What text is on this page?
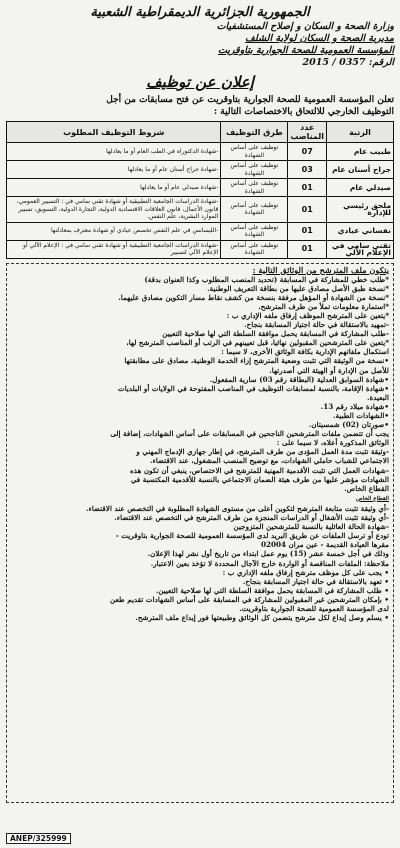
الجمهورية الجزائرية الديمقراطية الشعبية
وزارة الصحة و السكان و إصلاح المستشفيات
مديرية الصحة و السكان لولاية الشلف
المؤسسة العمومية للصحة الجوارية بتاوقريت
الرقم: 0357 / 2015
إعلان عن توظيف
تعلن المؤسسة العمومية للصحة الجوارية بتاوقريت عن فتح مسابقات من أجل
التوظيف الخارجي للالتحاق بالاختصاصات التالية :
الرتبة	عدد المناصب	طرق التوظيف	شروط التوظيف المطلوب
طبيب عام	07	توظيف على أساس الشهادة	-شهادة الدكتوراه في الطب العام أو ما يعادلها
جراح أسنان عام	03	توظيف على أساس الشهادة	-شهادة جراح أسنان عام أو ما يعادلها
صيدلي عام	01	توظيف على أساس الشهادة	-شهادة صيدلي عام أو ما يعادلها
ملحق رئيسي للإدارة	01	توظيف على أساس الشهادة	-شهادة الدراسات الجامعية التطبيقية أو شهادة تقني سامي في : التسيير العمومي، قانون الأعمال، قانون العلاقات الاقتصادية الدولية، التجارة الدولية، التسويق، تسيير الموارد البشرية، علم النفس.
نفساني عيادي	01	توظيف على أساس الشهادة	-الليسانس في علم النفس تخصص عيادي أو شهادة معترف بمعادلتها
تقني سامي في الإعلام الآلي	01	توظيف على أساس الشهادة	-شهادة الدراسات الجامعية التطبيقية أو شهادة تقني سامي في : الإعلام الآلي أو الإعلام الآلي لتسيير
يتكون ملف المترشح من الوثائق التالية :
*طلب خطي للمشاركة في المسابقة (تحديد المنصب المطلوب وكذا العنوان بدقة)
*نسخة طبق الأصل مصادق عليها من بطاقة التعريف الوطنية.
*نسخة من الشهادة أو المؤهل مرفقة بنسخة من كشف نقاط مسار التكوين مصادق عليهما.
*استمارة معلومات تملأ من طرف المترشح.
*يتعين على المترشح الموظف إرفاق ملفه الإداري ب :
-تمهيد بالاستقالة في حالة اجتياز المسابقة بنجاح.
-طلب المشاركة في المسابقة يحمل موافقة السلطة التي لها صلاحية التعيين
*يتعين على المترشحين المقبولين نهائيا، قبل تعيينهم في الرتب أو المناصب المترشح لها،
استكمال ملفاتهم الإدارية بكافة الوثائق الأخرى، لا سيما :
•نسخة من الوثيقة التي تثبت وضعية المترشح إزاء الخدمة الوطنية، مصادق على مطابقتها
للأصل من الإدارة أو الهيئة التي أصدرتها.
•شهادة السوابق العدلية (البطاقة رقم 03) سارية المفعول.
•شهادة الإقامة، بالنسبة لمسابقات التوظيف في المناصب المفتوحة في الولايات أو البلديات
البعيدة.
•شهادة ميلاد رقم 13.
•الشهادات الطبية.
•صورتان (02) شمسيتان.
يجب أن تتضمن ملفات المترشحين الناجحين في المسابقات على أساس الشهادات، إضافة إلى
الوثائق المذكورة أعلاه، لا سيما على :
-وثيقة تثبت مدة العمل المؤدى من طرف المترشح، في إطار جهازي الإدماج المهني و
الاجتماعي للشباب حاملي الشهادات، مع توضيح المنصب المشغول، عند الاقتضاء.
-شهادات العمل التي تثبت الأقدمية المهنية للمترشح في الاختصاص، ينبغي أن تكون هذه
الشهادات مؤشر عليها من طرف هيئة الضمان الاجتماعي بالنسبة للأقدمية المكتسبة في
القطاع الخاص.
القطاع الخاص
-أي وثيقة تثبت متابعة المترشح لتكوين أعلى من مستوى الشهادة المطلوبة في التخصص عند الاقتضاء.
-أي وثيقة تثبت الأشغال أو الدراسات المنجزة من طرف المترشح في التخصص عند الاقتضاء.
-شهادة الحالة العائلية بالنسبة للمترشحين المتزوجين
تودع أو ترسل الملفات عن طريق البريد لدى المؤسسة العمومية للصحة الجوارية بتاوقريت -
مقرها العيادة القديمة - عين مران 02004
وذلك في أجل خمسة عشر (15) يوم عمل ابتداء من تاريخ أول نشر لهذا الإعلان.
ملاحظة: الملفات المناقصة أو الواردة خارج الآجال المحددة لا تؤخذ بعين الاعتبار.
• يجب على كل موظف مترشح إرفاق ملفه الإداري ب :
• تعهد بالاستقالة في حالة اجتياز المسابقة بنجاح.
• طلب المشاركة في المسابقة يحمل موافقة السلطة التي لها صلاحية التعيين.
• بإمكان المترشحين غير المقبولين للمشاركة في المسابقة على أساس الشهادات تقديم طعن
لدى المؤسسة العمومية للصحة الجوارية بتاوقريت.
• يسلم وصل إيداع لكل مترشح يتضمن كل الوثائق وطبيعتها فور إيداع ملف المترشح.
ANEP/325999
